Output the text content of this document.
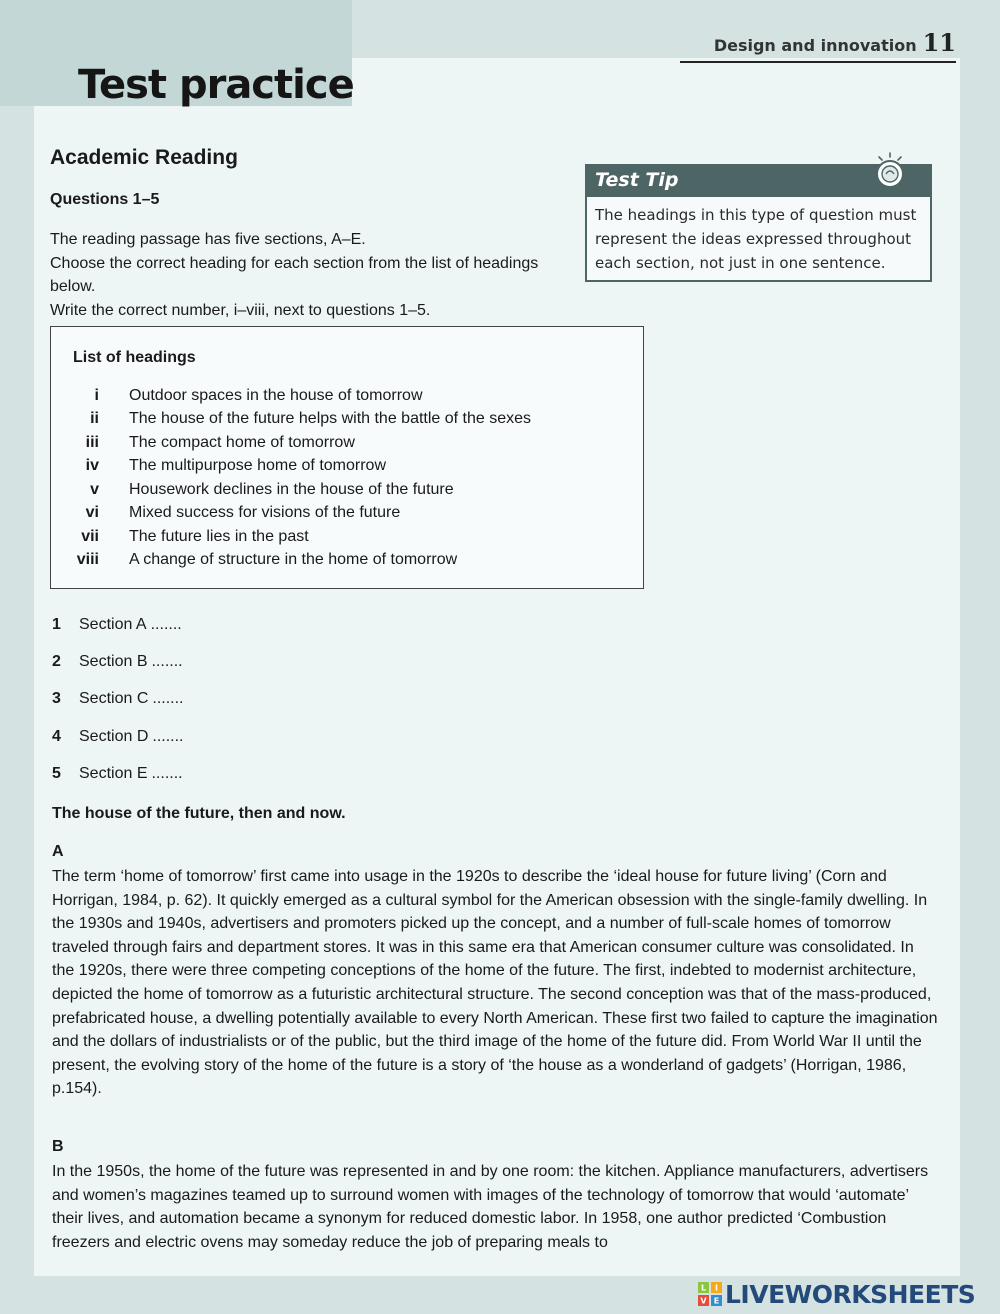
Test practice
Design and innovation 11
Academic Reading
Questions 1–5

The reading passage has five sections, A–E.

Choose the correct heading for each section from the list of headings below.

Write the correct number, i–viii, next to questions 1–5.

Test Tip
The headings in this type of question must
represent the ideas expressed throughout
each section, not just in one sentence.
List of headings
i Outdoor spaces in the house of tomorrow
ii The house of the future helps with the battle of the sexes
iii The compact home of tomorrow
iv The multipurpose home of tomorrow
v Housework declines in the house of the future
vi Mixed success for visions of the future
vii The future lies in the past
viii A change of structure in the home of tomorrow
1	Section A .......
2	Section B .......
3	Section C .......
4	Section D .......
5	Section E .......
The house of the future, then and now.
A

The term ‘home of tomorrow’ first came into usage in the 1920s to describe the ‘ideal house for future living’ (Corn and Horrigan, 1984, p. 62). It quickly emerged as a cultural symbol for the American obsession with the single-family dwelling. In the 1930s and 1940s, advertisers and promoters picked up the concept, and a number of full-scale homes of tomorrow traveled through fairs and department stores. It was in this same era that American consumer culture was consolidated. In the 1920s, there were three competing conceptions of the home of the future. The first, indebted to modernist architecture, depicted the home of tomorrow as a futuristic architectural structure. The second conception was that of the mass-produced, prefabricated house, a dwelling potentially available to every North American. These first two failed to capture the imagination and the dollars of industrialists or of the public, but the third image of the home of the future did. From World War II until the present, the evolving story of the home of the future is a story of ‘the house as a wonderland of gadgets’ (Horrigan, 1986, p.154).

B

In the 1950s, the home of the future was represented in and by one room: the kitchen. Appliance manufacturers, advertisers and women’s magazines teamed up to surround women with images of the technology of tomorrow that would ‘automate’ their lives, and automation became a synonym for reduced domestic labor. In 1958, one author predicted ‘Combustion freezers and electric ovens may someday reduce the job of preparing meals to

L I
V E LIVEWORKSHEETS
